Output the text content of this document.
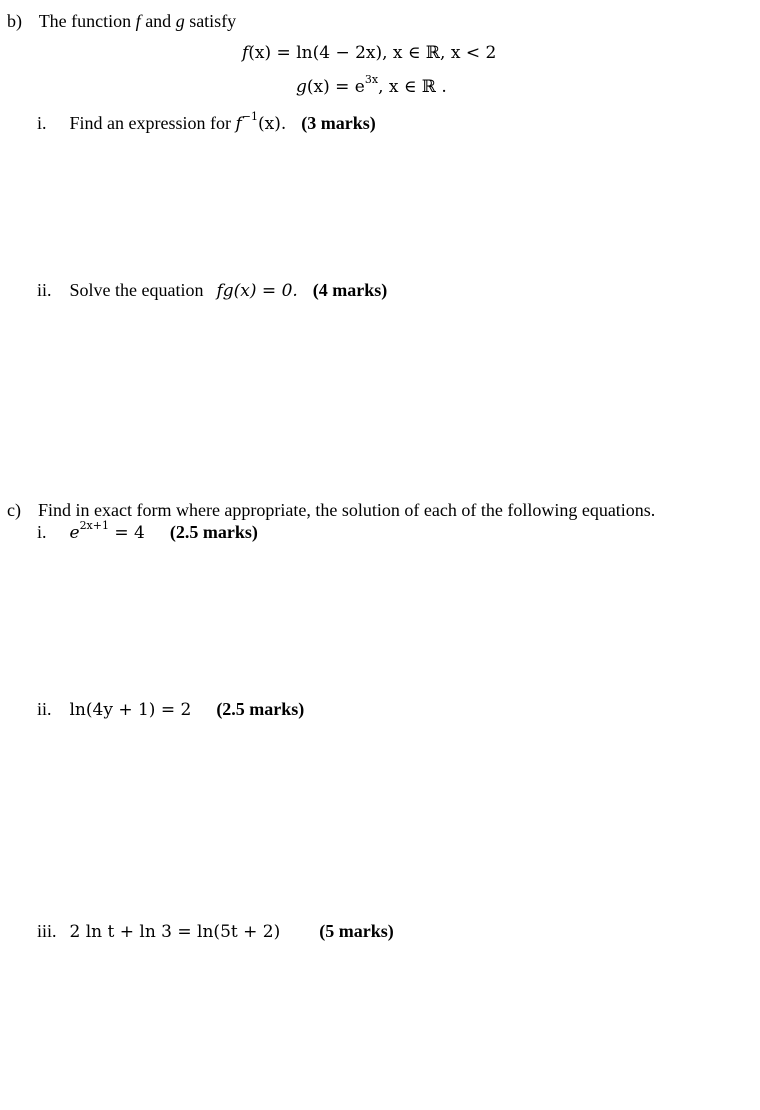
b) The function f and g satisfy
f(x) = ln(4 − 2x), x ∈ ℝ, x < 2
$g(x) = e^{3x}$, x ∈ ℝ .
i. Find an expression for $f^{-1}(x)$. (3 marks)
ii. Solve the equation fg(x) = 0. (4 marks)
c) Find in exact form where appropriate, the solution of each of the following equations.
i. $e^{2x+1} = 4$ (2.5 marks)
ii. ln(4y + 1) = 2 (2.5 marks)
iii. 2 ln t + ln 3 = ln(5t + 2) (5 marks)
